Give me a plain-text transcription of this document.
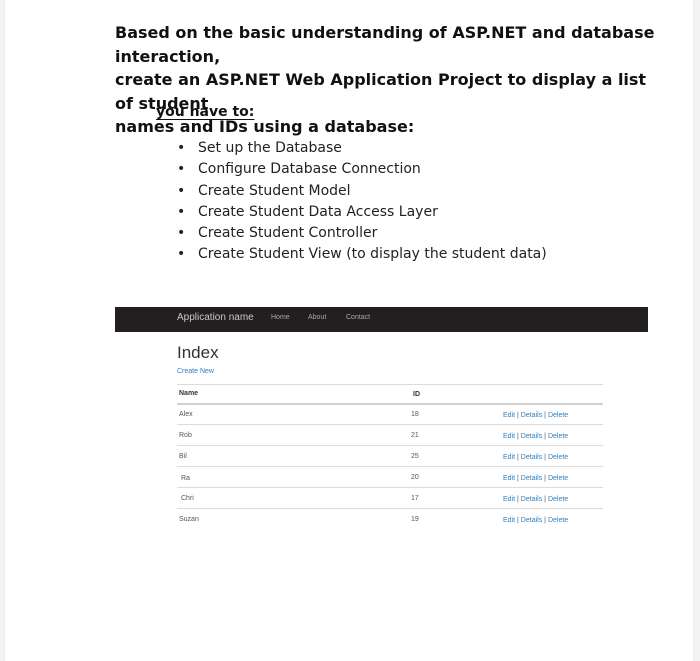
Based on the basic understanding of ASP.NET and database interaction,
create an ASP.NET Web Application Project to display a list of student
names and IDs using a database:
you have to:
• Set up the Database
• Configure Database Connection
• Create Student Model
• Create Student Data Access Layer
• Create Student Controller
• Create Student View (to display the student data)
Application name Home	About	Contact
Index
Create New
Name	ID
Alex	18	Edit | Details | Delete
Rob	21	Edit | Details | Delete
Bil	25	Edit | Details | Delete
Ra	20	Edit | Details | Delete
Chri	17	Edit | Details | Delete
Suzan	19	Edit | Details | Delete
